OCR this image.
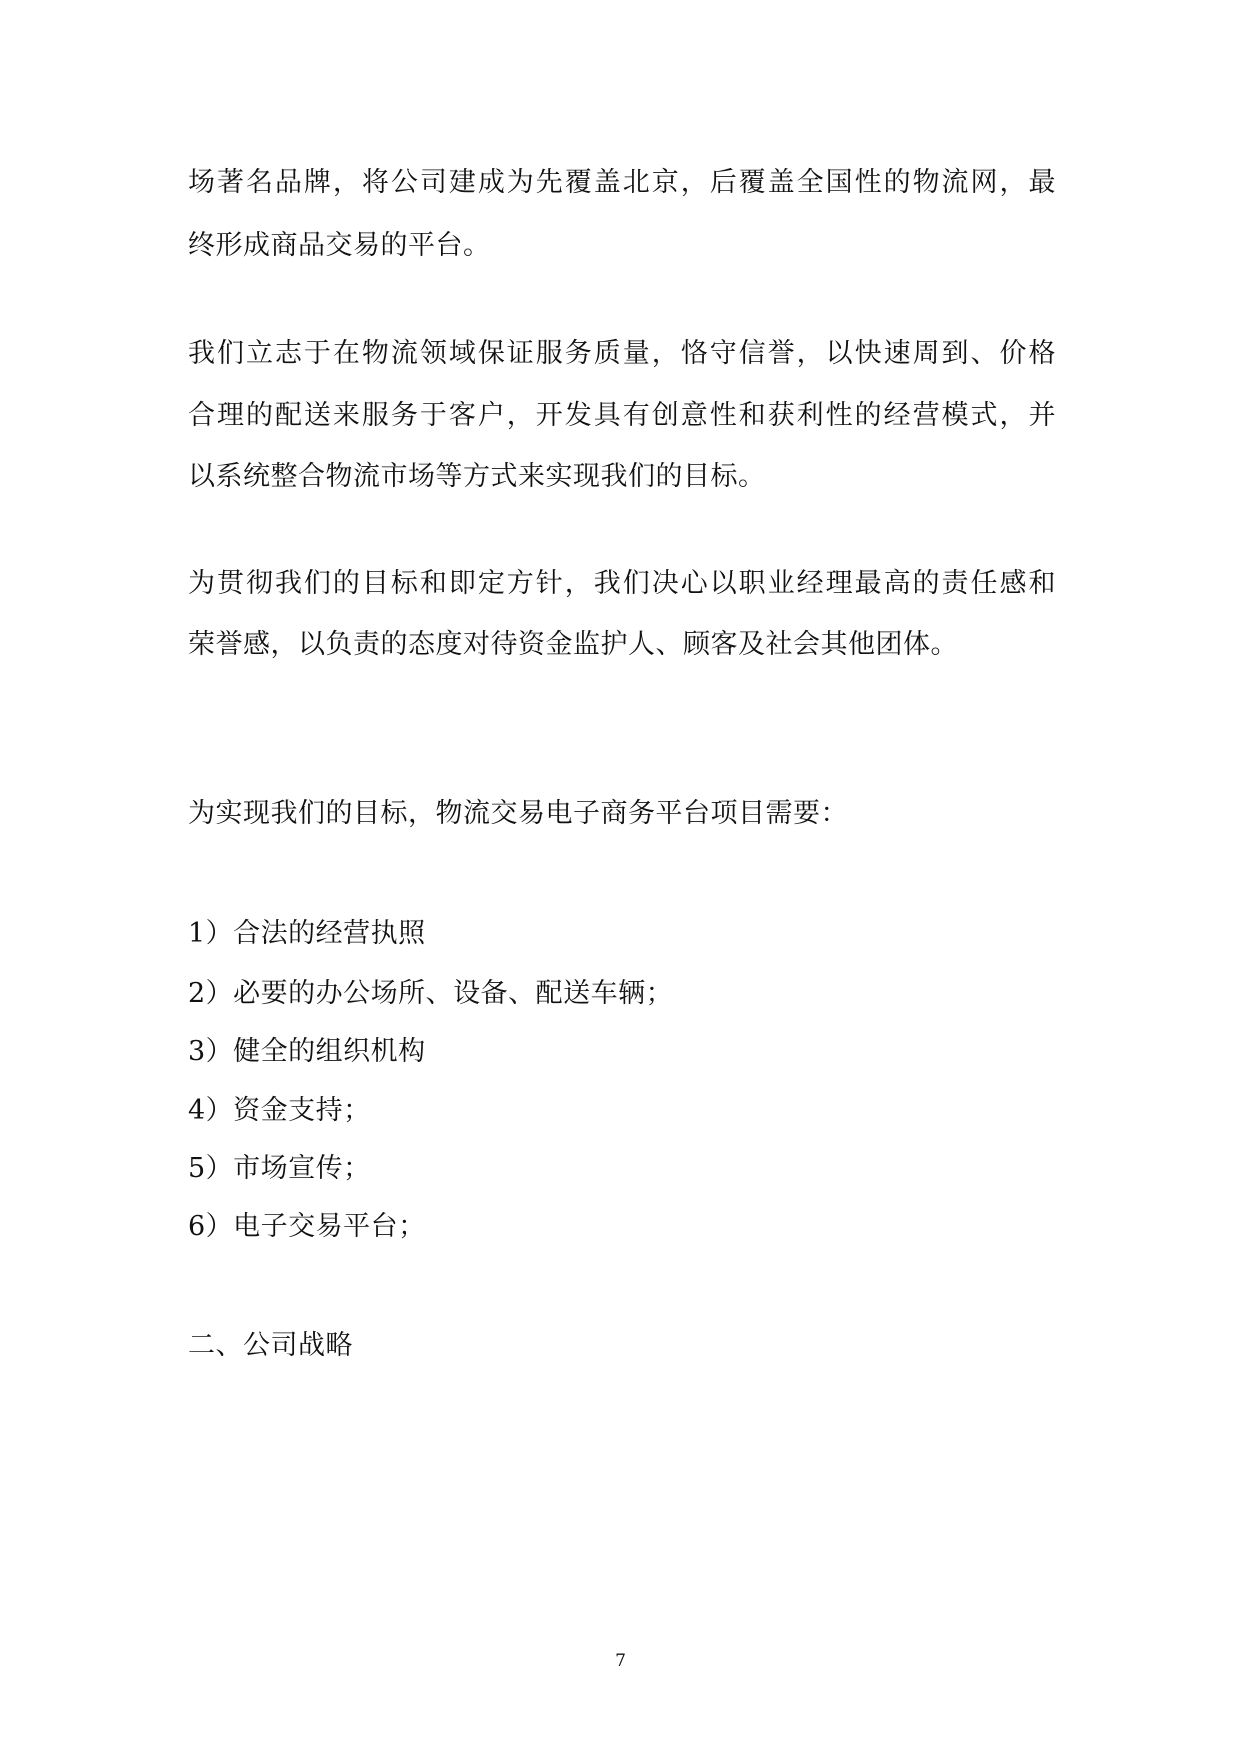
场著名品牌，将公司建成为先覆盖北京，后覆盖全国性的物流网，最
终形成商品交易的平台。
我们立志于在物流领域保证服务质量，恪守信誉，以快速周到、价格
合理的配送来服务于客户，开发具有创意性和获利性的经营模式，并
以系统整合物流市场等方式来实现我们的目标。
为贯彻我们的目标和即定方针，我们决心以职业经理最高的责任感和
荣誉感，以负责的态度对待资金监护人、顾客及社会其他团体。
为实现我们的目标，物流交易电子商务平台项目需要：
1）合法的经营执照
2）必要的办公场所、设备、配送车辆；
3）健全的组织机构
4）资金支持；
5）市场宣传；
6）电子交易平台；
二、公司战略
7
